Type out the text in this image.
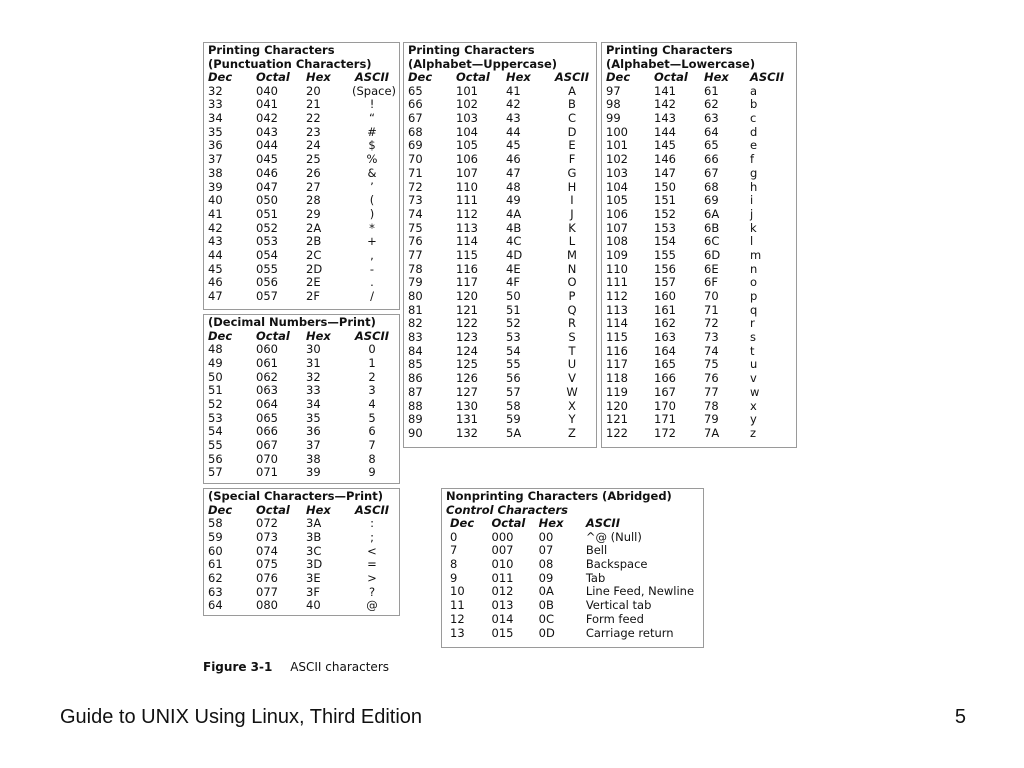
Printing Characters
(Punctuation Characters)
Dec	Octal	Hex	ASCII
32	040	20	(Space)
33	041	21	!
34	042	22	“
35	043	23	#
36	044	24	$
37	045	25	%
38	046	26	&
39	047	27	’
40	050	28	(
41	051	29	)
42	052	2A	*
43	053	2B	+
44	054	2C	,
45	055	2D	-
46	056	2E	.
47	057	2F	/
(Decimal Numbers—Print)
Dec	Octal	Hex	ASCII
48	060	30	0
49	061	31	1
50	062	32	2
51	063	33	3
52	064	34	4
53	065	35	5
54	066	36	6
55	067	37	7
56	070	38	8
57	071	39	9
(Special Characters—Print)
Dec	Octal	Hex	ASCII
58	072	3A	:
59	073	3B	;
60	074	3C	<
61	075	3D	=
62	076	3E	>
63	077	3F	?
64	080	40	@
Printing Characters
(Alphabet—Uppercase)
Dec	Octal	Hex	ASCII
65	101	41	A
66	102	42	B
67	103	43	C
68	104	44	D
69	105	45	E
70	106	46	F
71	107	47	G
72	110	48	H
73	111	49	I
74	112	4A	J
75	113	4B	K
76	114	4C	L
77	115	4D	M
78	116	4E	N
79	117	4F	O
80	120	50	P
81	121	51	Q
82	122	52	R
83	123	53	S
84	124	54	T
85	125	55	U
86	126	56	V
87	127	57	W
88	130	58	X
89	131	59	Y
90	132	5A	Z
Printing Characters
(Alphabet—Lowercase)
Dec	Octal	Hex	ASCII
97	141	61	a
98	142	62	b
99	143	63	c
100	144	64	d
101	145	65	e
102	146	66	f
103	147	67	g
104	150	68	h
105	151	69	i
106	152	6A	j
107	153	6B	k
108	154	6C	l
109	155	6D	m
110	156	6E	n
111	157	6F	o
112	160	70	p
113	161	71	q
114	162	72	r
115	163	73	s
116	164	74	t
117	165	75	u
118	166	76	v
119	167	77	w
120	170	78	x
121	171	79	y
122	172	7A	z
Nonprinting Characters (Abridged)
Control Characters
Dec	Octal	Hex	ASCII
0	000	00	^@ (Null)
7	007	07	Bell
8	010	08	Backspace
9	011	09	Tab
10	012	0A	Line Feed, Newline
11	013	0B	Vertical tab
12	014	0C	Form feed
13	015	0D	Carriage return
Figure 3-1 ASCII characters
Guide to UNIX Using Linux, Third Edition	5
